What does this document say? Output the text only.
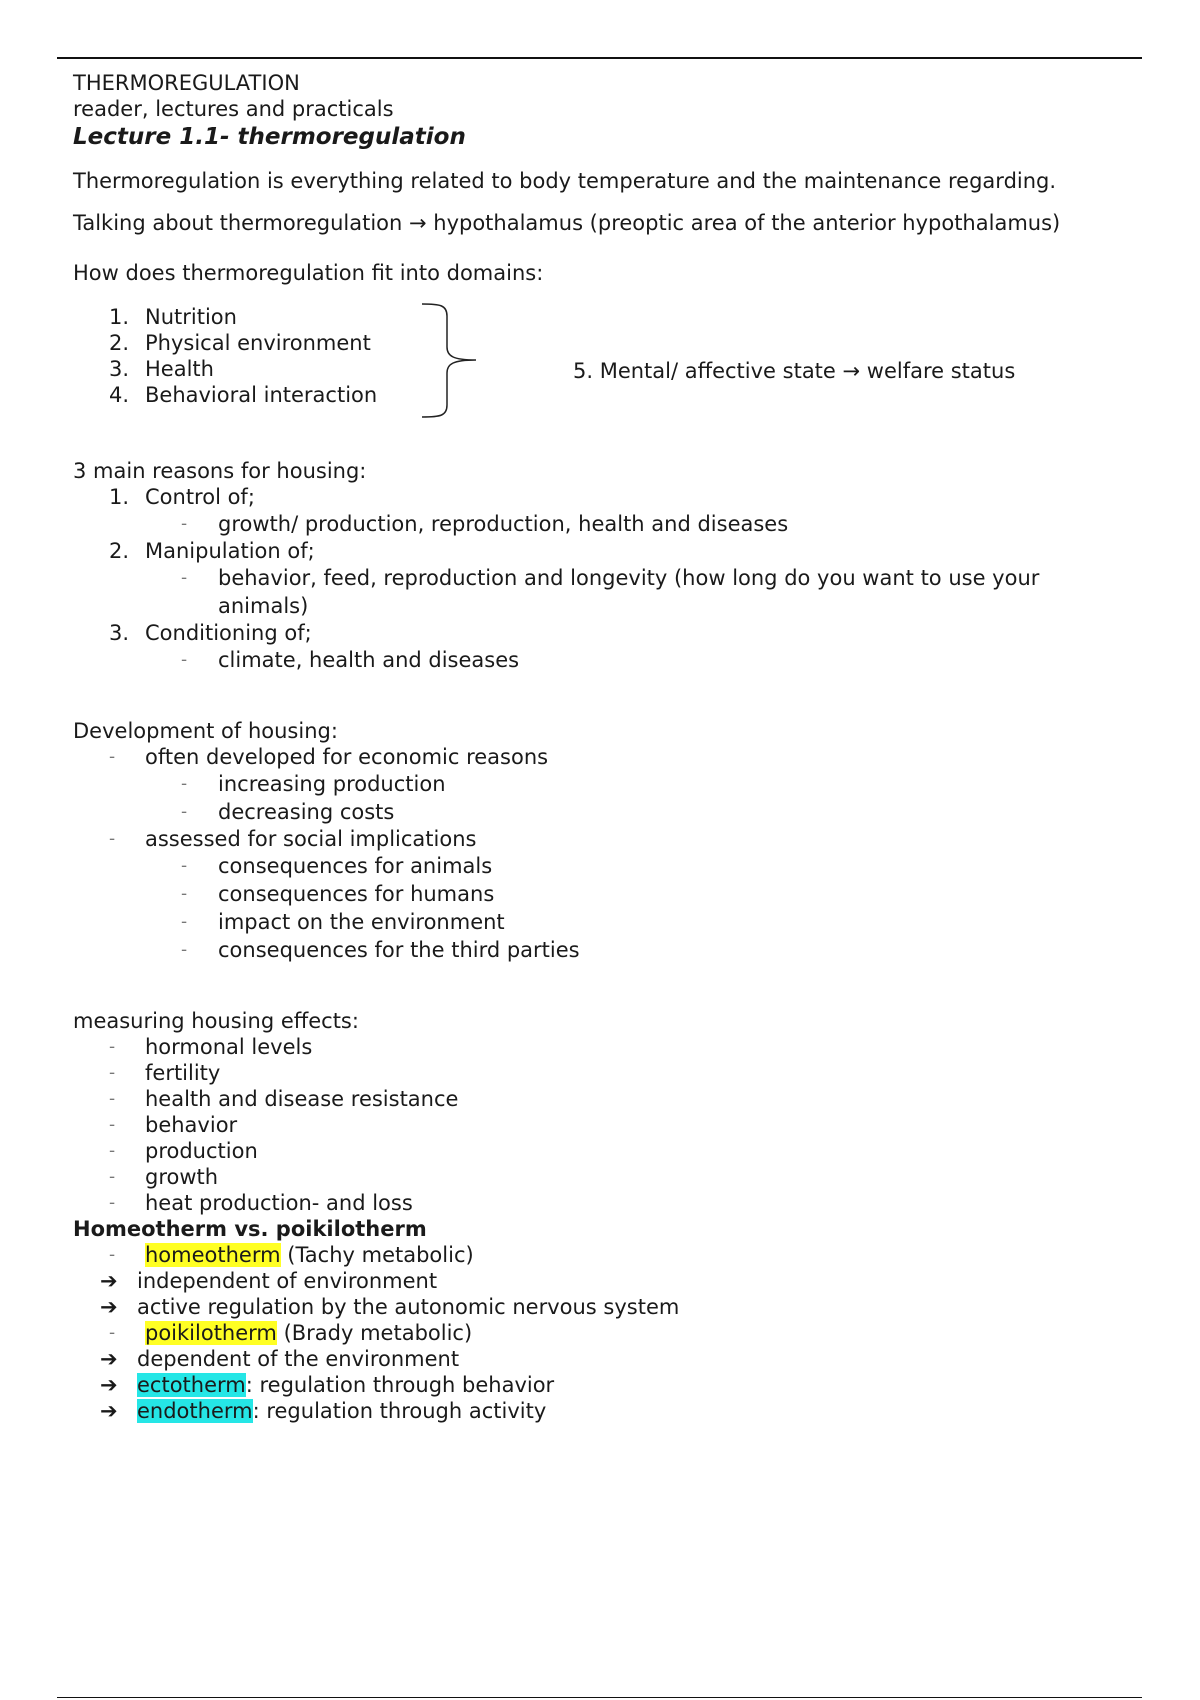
THERMOREGULATION

reader, lectures and practicals

Lecture 1.1- thermoregulation

Thermoregulation is everything related to body temperature and the maintenance regarding.

Talking about thermoregulation → hypothalamus (preoptic area of the anterior hypothalamus)

How does thermoregulation fit into domains:

1. Nutrition
2. Physical environment
3. Health
4. Behavioral interaction
5. Mental/ affective state → welfare status

3 main reasons for housing:

1. Control of;
-	growth/ production, reproduction, health and diseases
2. Manipulation of;
-	behavior, feed, reproduction and longevity (how long do you want to use your
animals)
3. Conditioning of;
-	climate, health and diseases

Development of housing:

- often developed for economic reasons
- increasing production
- decreasing costs
- assessed for social implications
- consequences for animals
- consequences for humans
- impact on the environment
- consequences for the third parties

measuring housing effects:

- hormonal levels
- fertility
- health and disease resistance
- behavior
- production
- growth
- heat production- and loss

Homeotherm vs. poikilotherm

- homeotherm (Tachy metabolic)
➔ independent of environment
➔ active regulation by the autonomic nervous system
- poikilotherm (Brady metabolic)
➔ dependent of the environment
➔ ectotherm: regulation through behavior
➔ endotherm: regulation through activity
